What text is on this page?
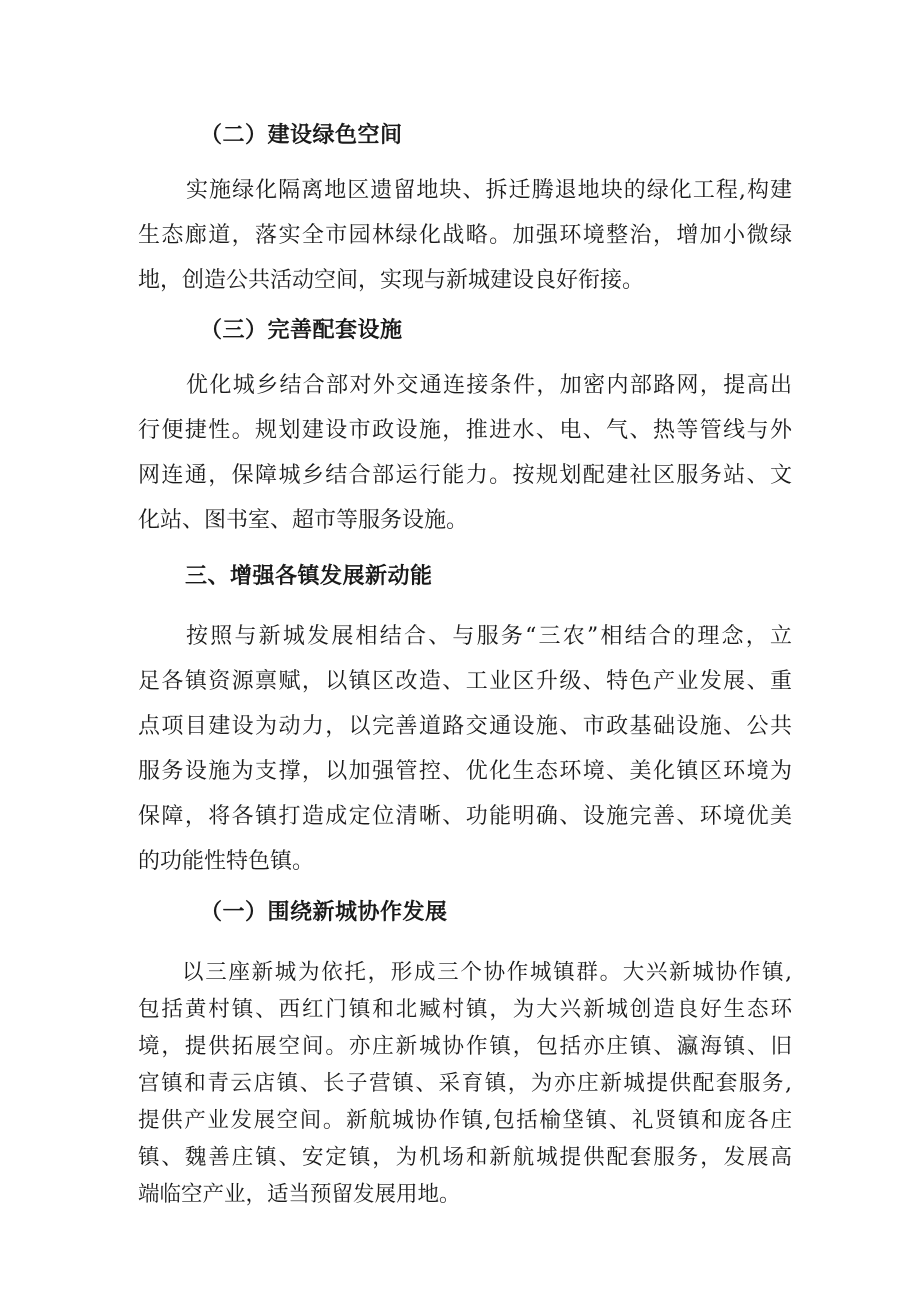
（二）建设绿色空间
实施绿化隔离地区遗留地块、拆迁腾退地块的绿化工程,构建
生态廊道，落实全市园林绿化战略。加强环境整治，增加小微绿
地，创造公共活动空间，实现与新城建设良好衔接。
（三）完善配套设施
优化城乡结合部对外交通连接条件，加密内部路网，提高出
行便捷性。规划建设市政设施，推进水、电、气、热等管线与外
网连通，保障城乡结合部运行能力。按规划配建社区服务站、文
化站、图书室、超市等服务设施。
三、增强各镇发展新动能
按照与新城发展相结合、与服务“三农”相结合的理念，立
足各镇资源禀赋，以镇区改造、工业区升级、特色产业发展、重
点项目建设为动力，以完善道路交通设施、市政基础设施、公共
服务设施为支撑，以加强管控、优化生态环境、美化镇区环境为
保障，将各镇打造成定位清晰、功能明确、设施完善、环境优美
的功能性特色镇。
（一）围绕新城协作发展
以三座新城为依托，形成三个协作城镇群。大兴新城协作镇,
包括黄村镇、西红门镇和北臧村镇，为大兴新城创造良好生态环
境，提供拓展空间。亦庄新城协作镇，包括亦庄镇、瀛海镇、旧
宫镇和青云店镇、长子营镇、采育镇，为亦庄新城提供配套服务,
提供产业发展空间。新航城协作镇,包括榆垡镇、礼贤镇和庞各庄
镇、魏善庄镇、安定镇，为机场和新航城提供配套服务，发展高
端临空产业，适当预留发展用地。
